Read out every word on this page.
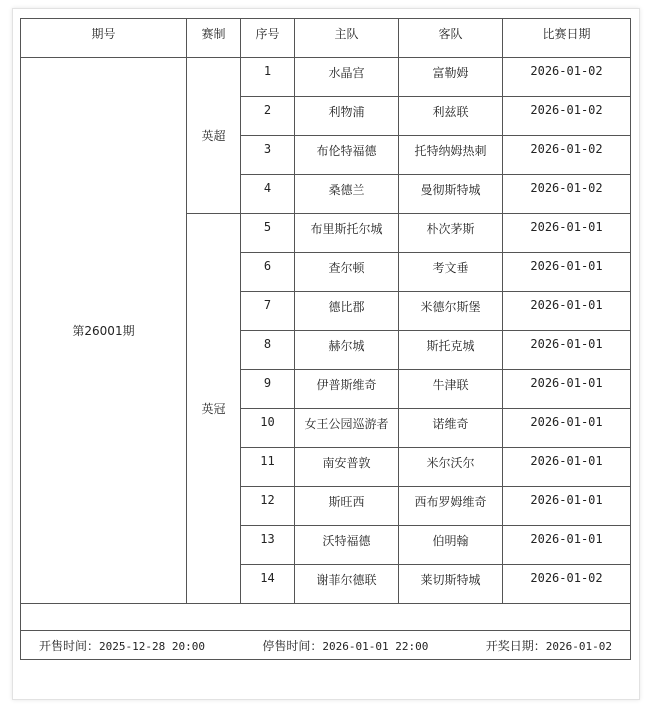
期号	赛制	序号	主队	客队	比赛日期
第26001期	英超	1	水晶宫	富勒姆	2026-01-02
		2	利物浦	利兹联	2026-01-02
		3	布伦特福德	托特纳姆热刺	2026-01-02
		4	桑德兰	曼彻斯特城	2026-01-02
	英冠	5	布里斯托尔城	朴次茅斯	2026-01-01
		6	查尔顿	考文垂	2026-01-01
		7	德比郡	米德尔斯堡	2026-01-01
		8	赫尔城	斯托克城	2026-01-01
		9	伊普斯维奇	牛津联	2026-01-01
		10	女王公园巡游者	诺维奇	2026-01-01
		11	南安普敦	米尔沃尔	2026-01-01
		12	斯旺西	西布罗姆维奇	2026-01-01
		13	沃特福德	伯明翰	2026-01-01
		14	谢菲尔德联	莱切斯特城	2026-01-02

开售时间：2025-12-28 20:00 停售时间：2026-01-01 22:00 开奖日期：2026-01-02					
